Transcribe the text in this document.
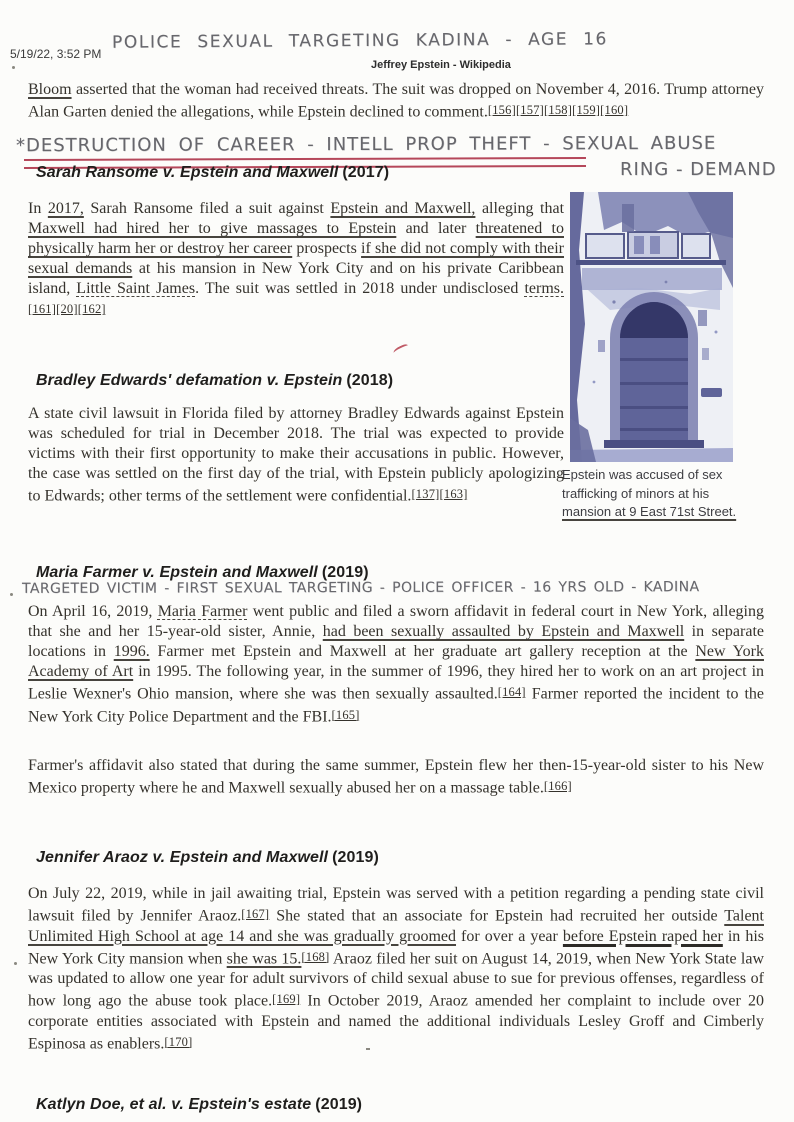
5/19/22, 3:52 PM
POLICE SEXUAL TARGETING KADINA - AGE 16
Jeffrey Epstein - Wikipedia

Bloom asserted that the woman had received threats. The suit was dropped on November 4, 2016. Trump attorney Alan Garten denied the allegations, while Epstein declined to comment.[156][157][158][159][160]

*DESTRUCTION OF CAREER - INTELL PROP THEFT - SEXUAL ABUSE
RING - DEMAND
Sarah Ransome v. Epstein and Maxwell (2017)

In 2017, Sarah Ransome filed a suit against Epstein and Maxwell, alleging that Maxwell had hired her to give massages to Epstein and later threatened to physically harm her or destroy her career prospects if she did not comply with their sexual demands at his mansion in New York City and on his private Caribbean island, Little Saint James. The suit was settled in 2018 under undisclosed terms.[161][20][162]

Epstein was accused of sex trafficking of minors at his mansion at 9 East 71st Street.

Bradley Edwards' defamation v. Epstein (2018)

A state civil lawsuit in Florida filed by attorney Bradley Edwards against Epstein was scheduled for trial in December 2018. The trial was expected to provide victims with their first opportunity to make their accusations in public. However, the case was settled on the first day of the trial, with Epstein publicly apologizing to Edwards; other terms of the settlement were confidential.[137][163]

Maria Farmer v. Epstein and Maxwell (2019)
TARGETED VICTIM - FIRST SEXUAL TARGETING - POLICE OFFICER - 16 YRS OLD - KADINA

On April 16, 2019, Maria Farmer went public and filed a sworn affidavit in federal court in New York, alleging that she and her 15-year-old sister, Annie, had been sexually assaulted by Epstein and Maxwell in separate locations in 1996. Farmer met Epstein and Maxwell at her graduate art gallery reception at the New York Academy of Art in 1995. The following year, in the summer of 1996, they hired her to work on an art project in Leslie Wexner's Ohio mansion, where she was then sexually assaulted.[164] Farmer reported the incident to the New York City Police Department and the FBI.[165]

Farmer's affidavit also stated that during the same summer, Epstein flew her then-15-year-old sister to his New Mexico property where he and Maxwell sexually abused her on a massage table.[166]

Jennifer Araoz v. Epstein and Maxwell (2019)

On July 22, 2019, while in jail awaiting trial, Epstein was served with a petition regarding a pending state civil lawsuit filed by Jennifer Araoz.[167] She stated that an associate for Epstein had recruited her outside Talent Unlimited High School at age 14 and she was gradually groomed for over a year before Epstein raped her in his New York City mansion when she was 15.[168] Araoz filed her suit on August 14, 2019, when New York State law was updated to allow one year for adult survivors of child sexual abuse to sue for previous offenses, regardless of how long ago the abuse took place.[169] In October 2019, Araoz amended her complaint to include over 20 corporate entities associated with Epstein and named the additional individuals Lesley Groff and Cimberly Espinosa as enablers.[170]

Katlyn Doe, et al. v. Epstein's estate (2019)
